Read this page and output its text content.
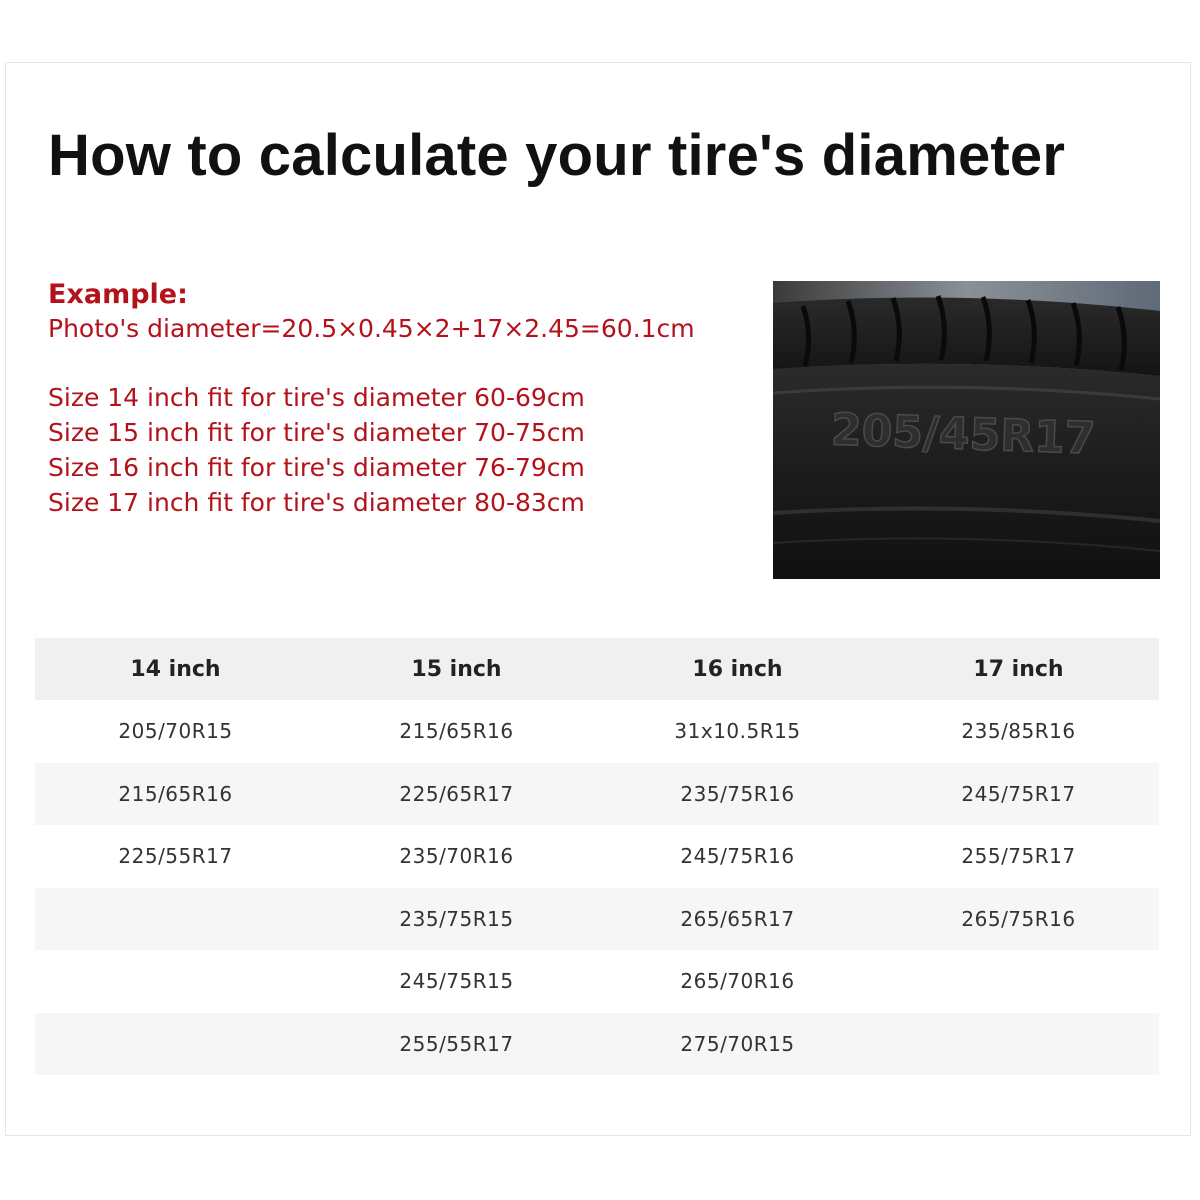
How to calculate your tire's diameter
Example:
Photo's diameter=20.5×0.45×2+17×2.45=60.1cm
Size 14 inch fit for tire's diameter 60-69cm
Size 15 inch fit for tire's diameter 70-75cm
Size 16 inch fit for tire's diameter 76-79cm
Size 17 inch fit for tire's diameter 80-83cm
205/45R17
14 inch	15 inch	16 inch	17 inch
205/70R15	215/65R16	31x10.5R15	235/85R16
215/65R16	225/65R17	235/75R16	245/75R17
225/55R17	235/70R16	245/75R16	255/75R17
	235/75R15	265/65R17	265/75R16
	245/75R15	265/70R16	
	255/55R17	275/70R15	
